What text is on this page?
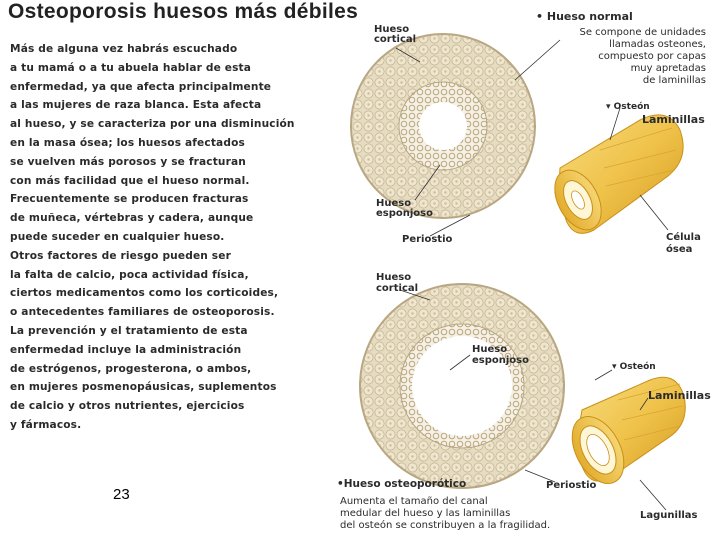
Osteoporosis huesos más débiles
Más de alguna vez habrás escuchado
a tu mamá o a tu abuela hablar de esta
enfermedad, ya que afecta principalmente
a las mujeres de raza blanca. Esta afecta
al hueso, y se caracteriza por una disminución
en la masa ósea; los huesos afectados
se vuelven más porosos y se fracturan
con más facilidad que el hueso normal.
Frecuentemente se producen fracturas
de muñeca, vértebras y cadera, aunque
puede suceder en cualquier hueso.
Otros factores de riesgo pueden ser
la falta de calcio, poca actividad física,
ciertos medicamentos como los corticoides,
o antecedentes familiares de osteoporosis.
La prevención y el tratamiento de esta
enfermedad incluye la administración
de estrógenos, progesterona, o ambos,
en mujeres posmenopáusicas, suplementos
de calcio y otros nutrientes, ejercicios
y fármacos.
Hueso
cortical
• Hueso normal
Se compone de unidades
llamadas osteones,
compuesto por capas
muy apretadas
de laminillas
▾ Osteón
Laminillas
Hueso
esponjoso
Periostio	Célula
ósea
Hueso
cortical
Hueso
esponjoso
▾ Osteón
Laminillas
•Hueso osteoporótico	Periostio
Aumenta el tamaño del canal
medular del hueso y las laminillas
del osteón se constribuyen a la fragilidad.
Lagunillas
23
